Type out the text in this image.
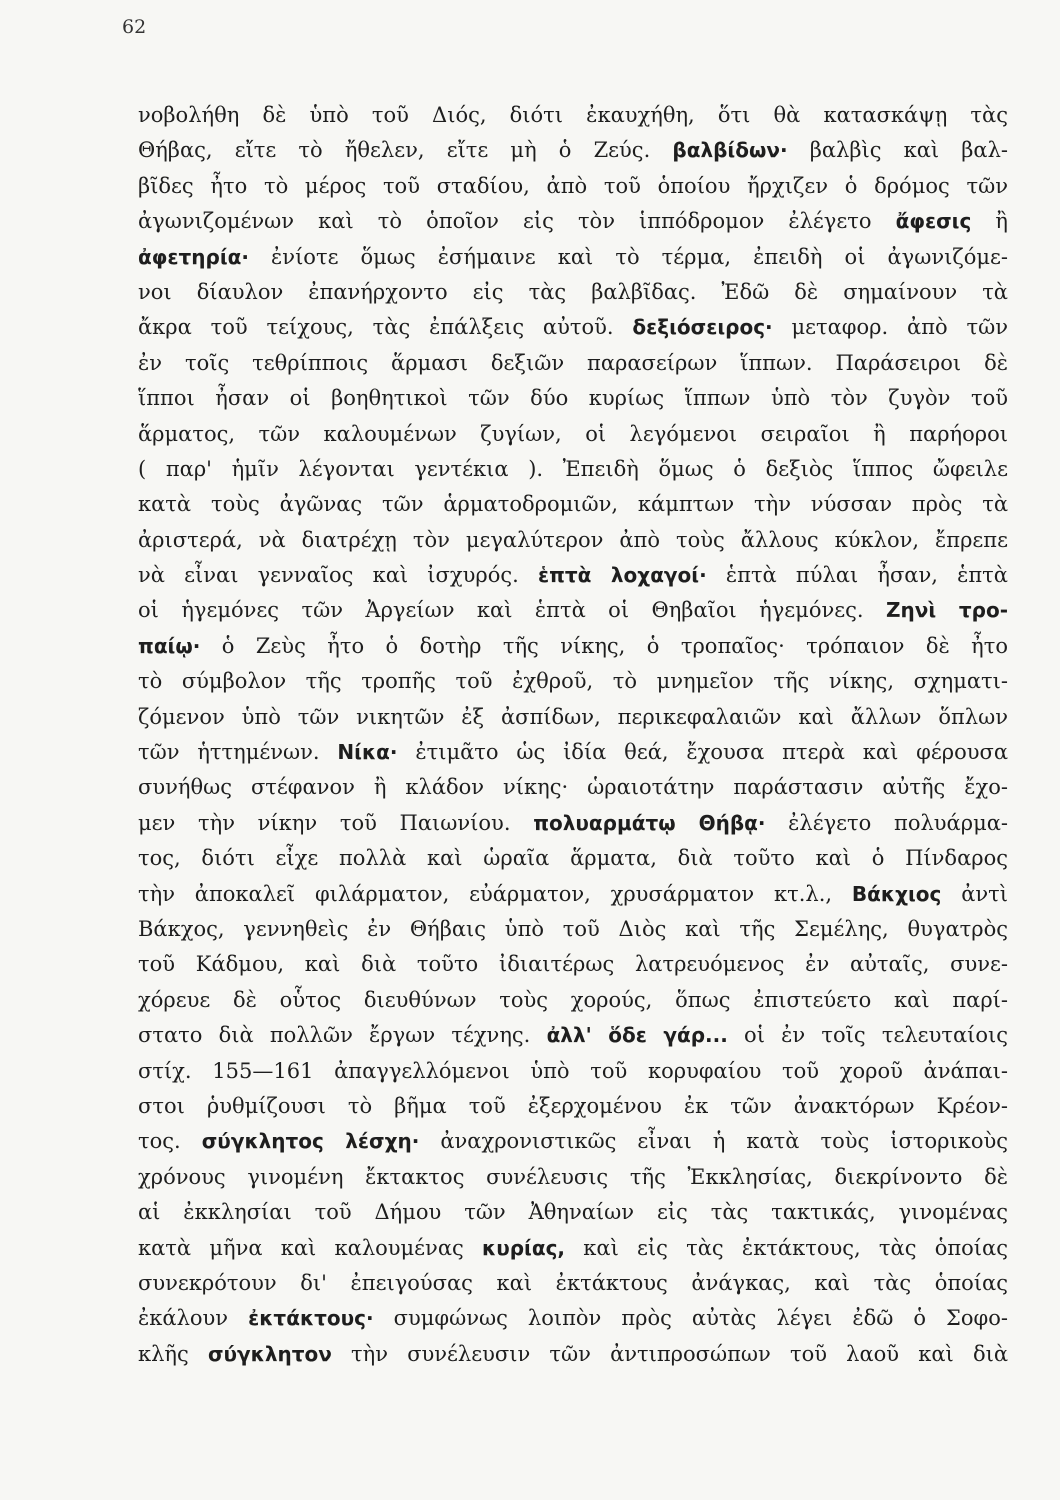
62
νοβολήθη δὲ ὑπὸ τοῦ Διός, διότι ἐκαυχήθη, ὅτι θὰ κατασκάψῃ τὰς
Θήβας, εἴτε τὸ ἤθελεν, εἴτε μὴ ὁ Ζεύς. βαλβίδων· βαλβὶς καὶ βαλ-
βῖδες ἦτο τὸ μέρος τοῦ σταδίου, ἀπὸ τοῦ ὁποίου ἤρχιζεν ὁ δρόμος τῶν
ἀγωνιζομένων καὶ τὸ ὁποῖον εἰς τὸν ἱππόδρομον ἐλέγετο ἄφεσις ἢ
ἀφετηρία· ἐνίοτε ὅμως ἐσήμαινε καὶ τὸ τέρμα, ἐπειδὴ οἱ ἀγωνιζόμε-
νοι δίαυλον ἐπανήρχοντο εἰς τὰς βαλβῖδας. Ἐδῶ δὲ σημαίνουν τὰ
ἄκρα τοῦ τείχους, τὰς ἐπάλξεις αὐτοῦ. δεξιόσειρος· μεταφορ. ἀπὸ τῶν
ἐν τοῖς τεθρίπποις ἅρμασι δεξιῶν παρασείρων ἵππων. Παράσειροι δὲ
ἵπποι ἦσαν οἱ βοηθητικοὶ τῶν δύο κυρίως ἵππων ὑπὸ τὸν ζυγὸν τοῦ
ἅρματος, τῶν καλουμένων ζυγίων, οἱ λεγόμενοι σειραῖοι ἢ παρήοροι
( παρ' ἡμῖν λέγονται γεντέκια ). Ἐπειδὴ ὅμως ὁ δεξιὸς ἵππος ὤφειλε
κατὰ τοὺς ἀγῶνας τῶν ἁρματοδρομιῶν, κάμπτων τὴν νύσσαν πρὸς τὰ
ἀριστερά, νὰ διατρέχῃ τὸν μεγαλύτερον ἀπὸ τοὺς ἄλλους κύκλον, ἔπρεπε
νὰ εἶναι γενναῖος καὶ ἰσχυρός. ἑπτὰ λοχαγοί· ἑπτὰ πύλαι ἦσαν, ἑπτὰ
οἱ ἡγεμόνες τῶν Ἀργείων καὶ ἑπτὰ οἱ Θηβαῖοι ἡγεμόνες. Ζηνὶ τρο-
παίῳ· ὁ Ζεὺς ἦτο ὁ δοτὴρ τῆς νίκης, ὁ τροπαῖος· τρόπαιον δὲ ἦτο
τὸ σύμβολον τῆς τροπῆς τοῦ ἐχθροῦ, τὸ μνημεῖον τῆς νίκης, σχηματι-
ζόμενον ὑπὸ τῶν νικητῶν ἐξ ἀσπίδων, περικεφαλαιῶν καὶ ἄλλων ὅπλων
τῶν ἡττημένων. Νίκα· ἐτιμᾶτο ὡς ἰδία θεά, ἔχουσα πτερὰ καὶ φέρουσα
συνήθως στέφανον ἢ κλάδον νίκης· ὡραιοτάτην παράστασιν αὐτῆς ἔχο-
μεν τὴν νίκην τοῦ Παιωνίου. πολυαρμάτῳ Θήβᾳ· ἐλέγετο πολυάρμα-
τος, διότι εἶχε πολλὰ καὶ ὡραῖα ἅρματα, διὰ τοῦτο καὶ ὁ Πίνδαρος
τὴν ἀποκαλεῖ φιλάρματον, εὐάρματον, χρυσάρματον κτ.λ., Βάκχιος ἀντὶ
Βάκχος, γεννηθεὶς ἐν Θήβαις ὑπὸ τοῦ Διὸς καὶ τῆς Σεμέλης, θυγατρὸς
τοῦ Κάδμου, καὶ διὰ τοῦτο ἰδιαιτέρως λατρευόμενος ἐν αὐταῖς, συνε-
χόρευε δὲ οὗτος διευθύνων τοὺς χορούς, ὅπως ἐπιστεύετο καὶ παρί-
στατο διὰ πολλῶν ἔργων τέχνης. ἀλλ' ὅδε γάρ... οἱ ἐν τοῖς τελευταίοις
στίχ. 155—161 ἀπαγγελλόμενοι ὑπὸ τοῦ κορυφαίου τοῦ χοροῦ ἀνάπαι-
στοι ῥυθμίζουσι τὸ βῆμα τοῦ ἐξερχομένου ἐκ τῶν ἀνακτόρων Κρέον-
τος. σύγκλητος λέσχη· ἀναχρονιστικῶς εἶναι ἡ κατὰ τοὺς ἱστορικοὺς
χρόνους γινομένη ἔκτακτος συνέλευσις τῆς Ἐκκλησίας, διεκρίνοντο δὲ
αἱ ἐκκλησίαι τοῦ Δήμου τῶν Ἀθηναίων εἰς τὰς τακτικάς, γινομένας
κατὰ μῆνα καὶ καλουμένας κυρίας, καὶ εἰς τὰς ἐκτάκτους, τὰς ὁποίας
συνεκρότουν δι' ἐπειγούσας καὶ ἐκτάκτους ἀνάγκας, καὶ τὰς ὁποίας
ἐκάλουν ἐκτάκτους· συμφώνως λοιπὸν πρὸς αὐτὰς λέγει ἐδῶ ὁ Σοφο-
κλῆς σύγκλητον τὴν συνέλευσιν τῶν ἀντιπροσώπων τοῦ λαοῦ καὶ διὰ
